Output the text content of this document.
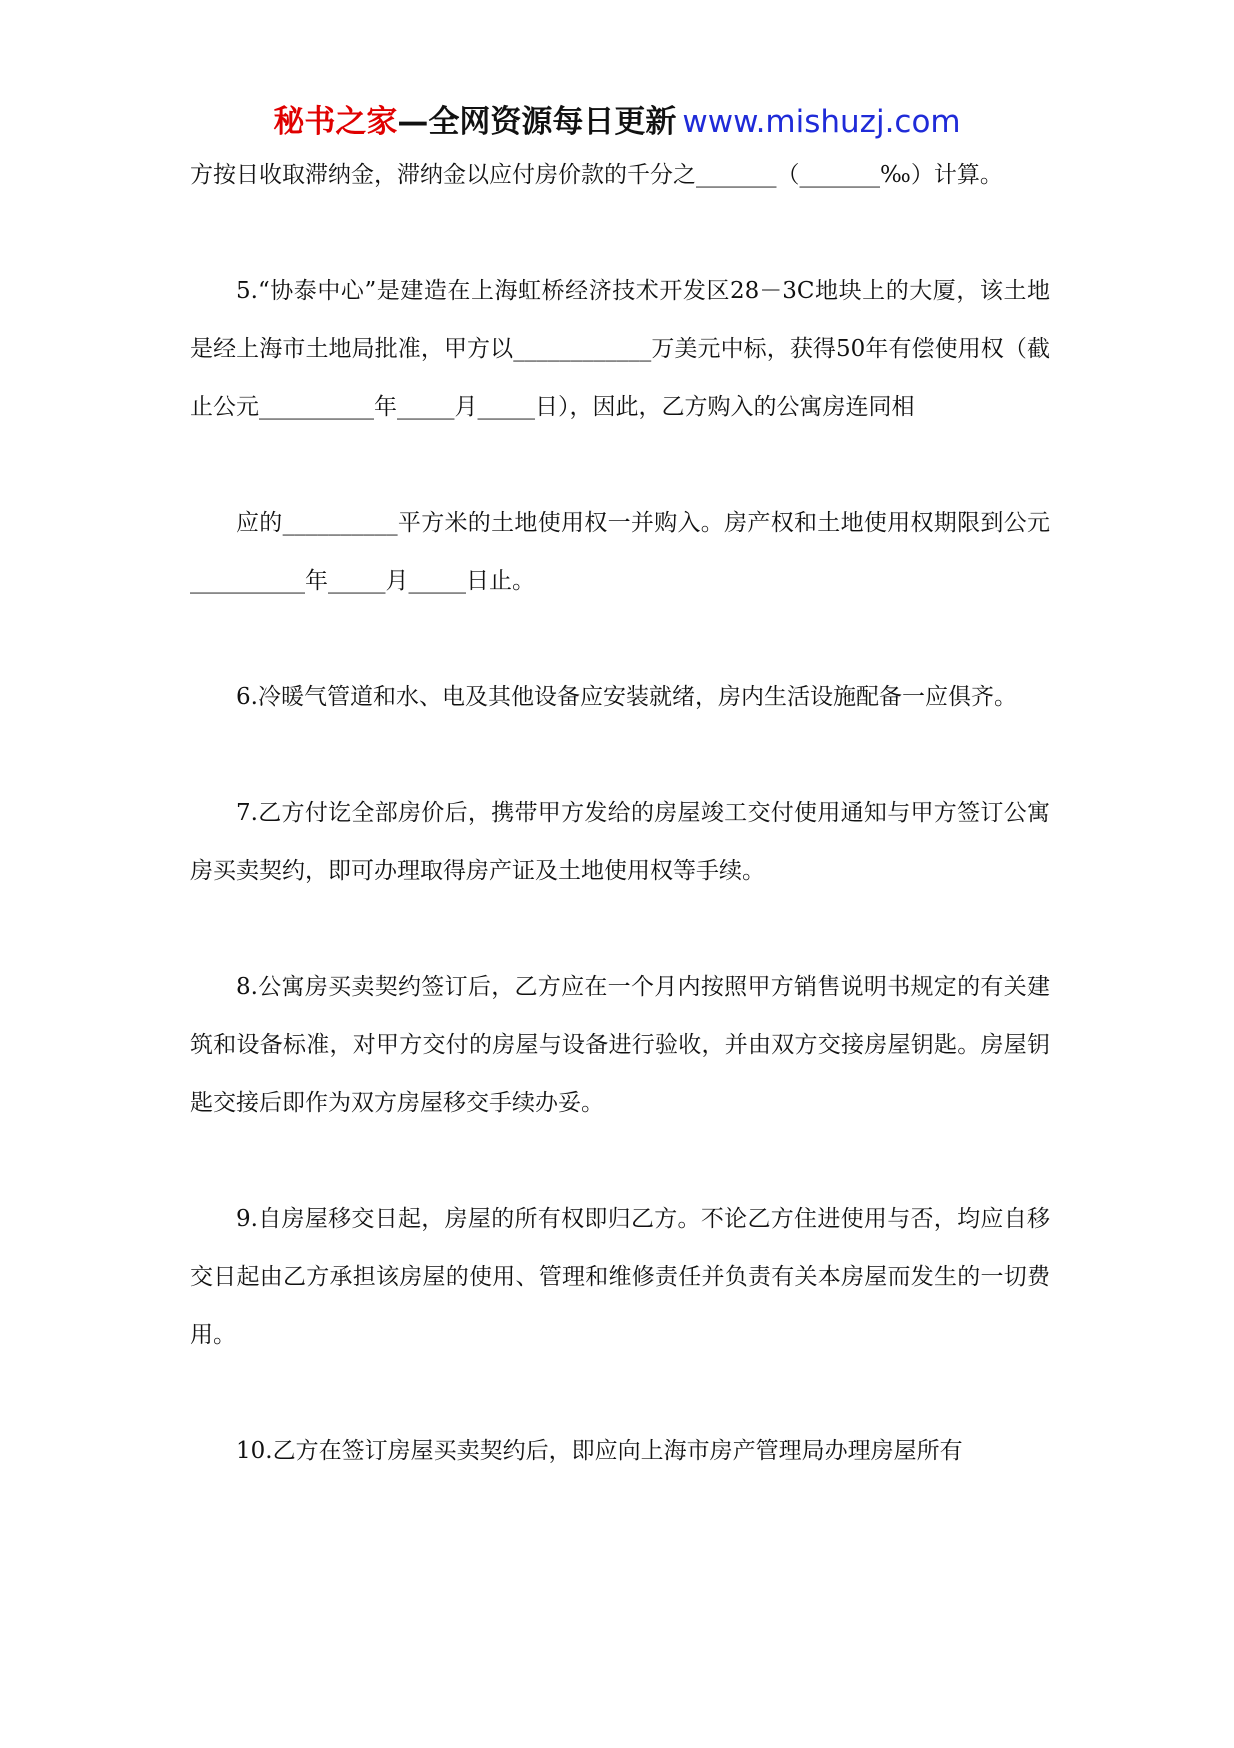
秘书之家—全网资源每日更新 www.mishuzj.com

方按日收取滞纳金，滞纳金以应付房价款的千分之_______（_______‰）计算。

5.“协泰中心”是建造在上海虹桥经济技术开发区28－3C地块上的大厦，该土地是经上海市土地局批准，甲方以____________万美元中标，获得50年有偿使用权（截止公元__________年_____月_____日），因此，乙方购入的公寓房连同相

应的__________平方米的土地使用权一并购入。房产权和土地使用权期限到公元__________年_____月_____日止。

6.冷暖气管道和水、电及其他设备应安装就绪，房内生活设施配备一应俱齐。

7.乙方付讫全部房价后，携带甲方发给的房屋竣工交付使用通知与甲方签订公寓房买卖契约，即可办理取得房产证及土地使用权等手续。

8.公寓房买卖契约签订后，乙方应在一个月内按照甲方销售说明书规定的有关建筑和设备标准，对甲方交付的房屋与设备进行验收，并由双方交接房屋钥匙。房屋钥匙交接后即作为双方房屋移交手续办妥。

9.自房屋移交日起，房屋的所有权即归乙方。不论乙方住进使用与否，均应自移交日起由乙方承担该房屋的使用、管理和维修责任并负责有关本房屋而发生的一切费用。

10.乙方在签订房屋买卖契约后，即应向上海市房产管理局办理房屋所有
